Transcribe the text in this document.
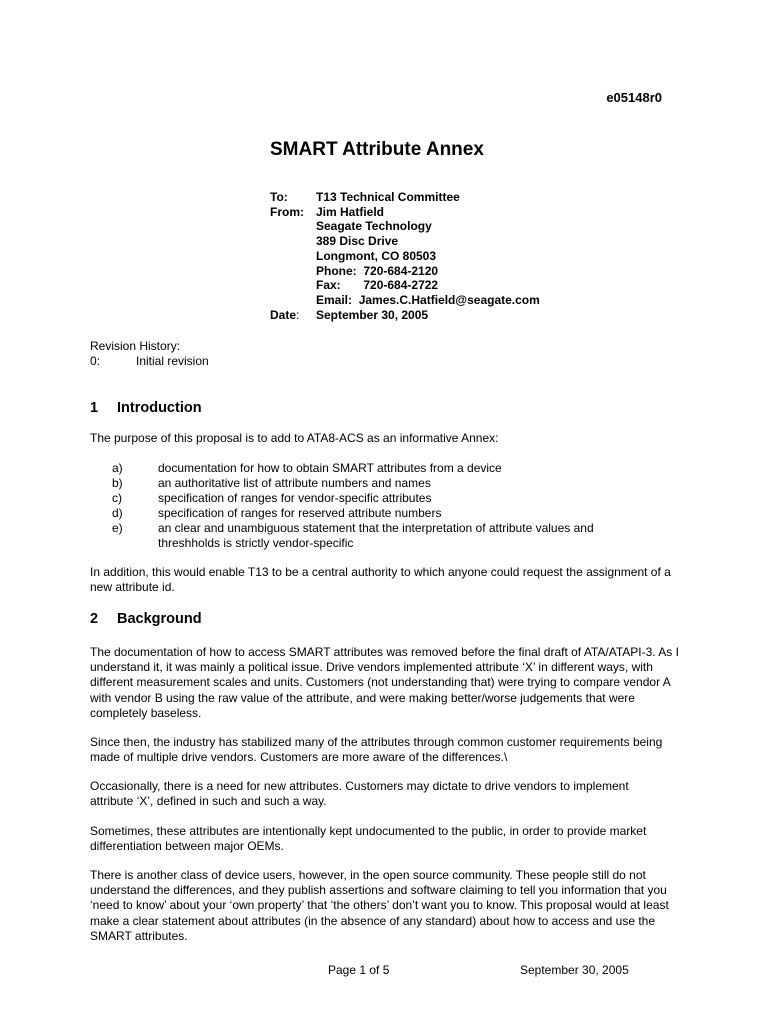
e05148r0
SMART Attribute Annex
To:	T13 Technical Committee
From:	Jim Hatfield
Seagate Technology
389 Disc Drive
Longmont, CO 80503
Phone: 720-684-2120
Fax: 720-684-2722
Email: James.C.Hatfield@seagate.com
Date:	September 30, 2005
Revision History:
0:	Initial revision
1	Introduction
The purpose of this proposal is to add to ATA8-ACS as an informative Annex:
a)	documentation for how to obtain SMART attributes from a device
b)	an authoritative list of attribute numbers and names
c)	specification of ranges for vendor-specific attributes
d)	specification of ranges for reserved attribute numbers
e)	an clear and unambiguous statement that the interpretation of attribute values and threshholds is strictly vendor-specific
In addition, this would enable T13 to be a central authority to which anyone could request the assignment of a new attribute id.
2	Background
The documentation of how to access SMART attributes was removed before the final draft of ATA/ATAPI-3. As I understand it, it was mainly a political issue. Drive vendors implemented attribute ‘X’ in different ways, with different measurement scales and units. Customers (not understanding that) were trying to compare vendor A with vendor B using the raw value of the attribute, and were making better/worse judgements that were completely baseless.
Since then, the industry has stabilized many of the attributes through common customer requirements being made of multiple drive vendors. Customers are more aware of the differences.\
Occasionally, there is a need for new attributes. Customers may dictate to drive vendors to implement attribute ‘X’, defined in such and such a way.
Sometimes, these attributes are intentionally kept undocumented to the public, in order to provide market differentiation between major OEMs.
There is another class of device users, however, in the open source community. These people still do not understand the differences, and they publish assertions and software claiming to tell you information that you ‘need to know’ about your ‘own property’ that ‘the others’ don’t want you to know. This proposal would at least make a clear statement about attributes (in the absence of any standard) about how to access and use the SMART attributes.
Page 1 of 5	September 30, 2005
